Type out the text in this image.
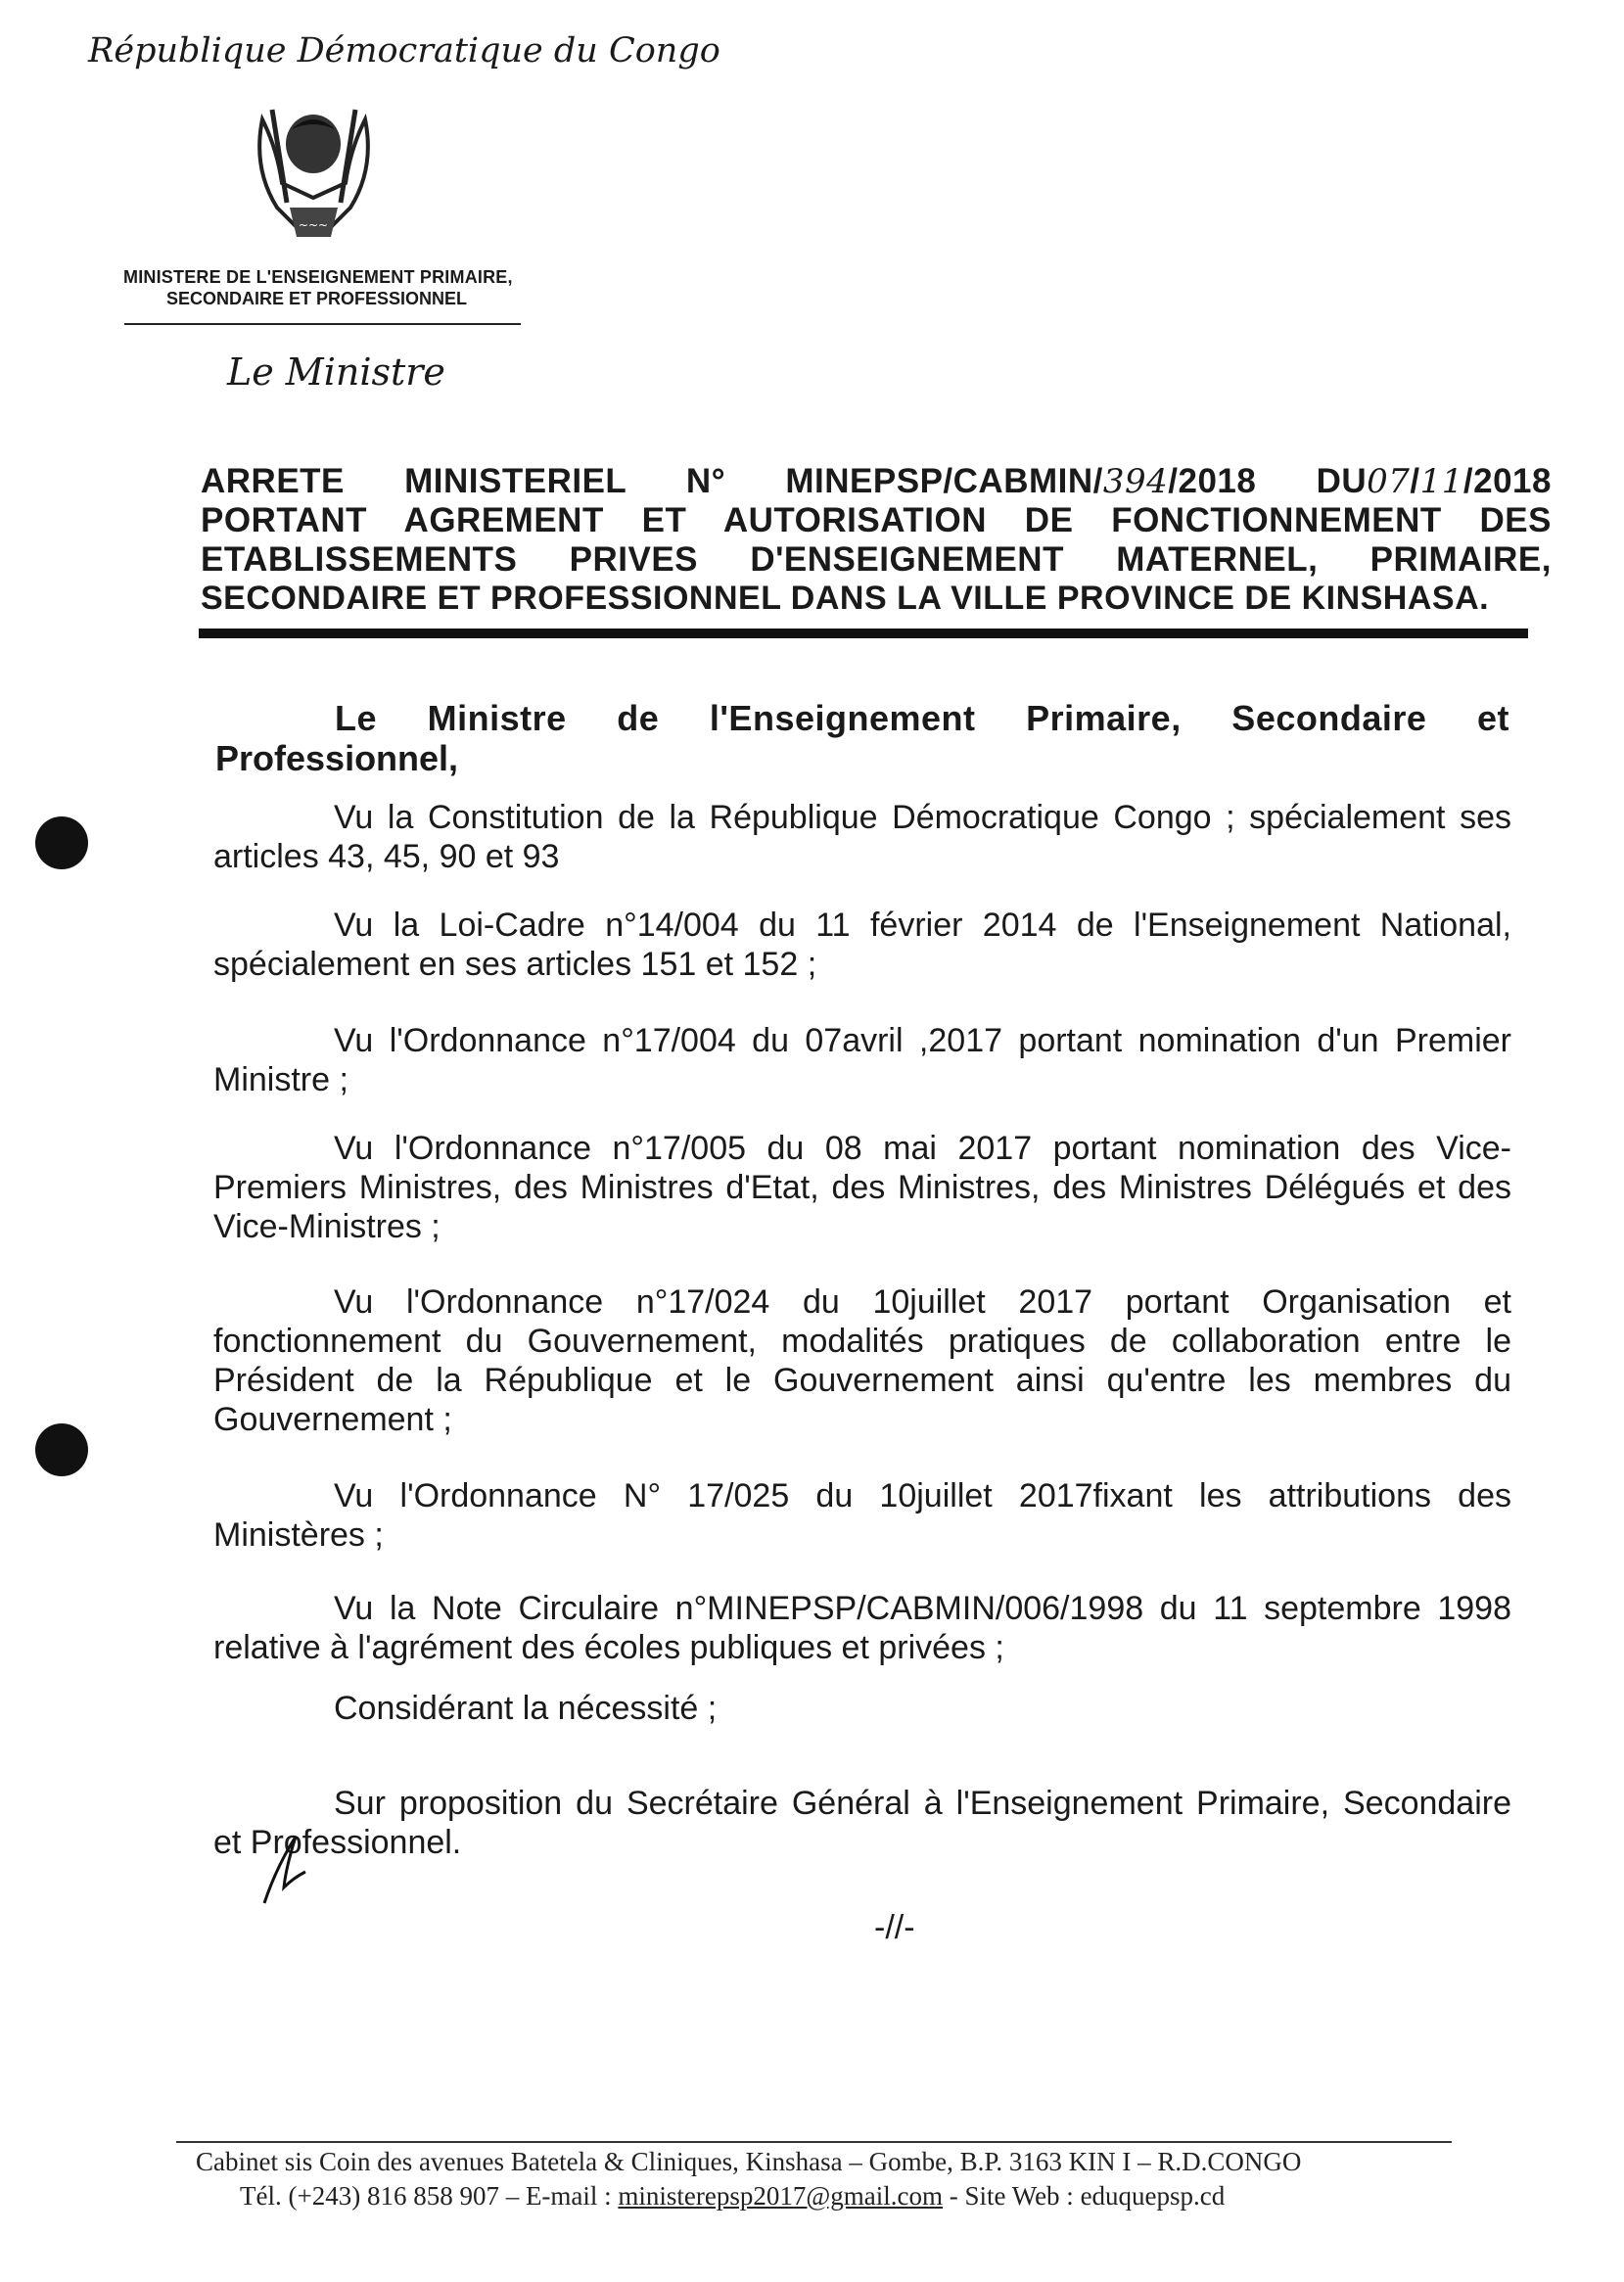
République Démocratique du Congo
~~~
MINISTERE DE L'ENSEIGNEMENT PRIMAIRE,
SECONDAIRE ET PROFESSIONNEL
Le Ministre
ARRETE MINISTERIEL N° MINEPSP/CABMIN/394/2018 DU07/11/2018
PORTANT AGREMENT ET AUTORISATION DE FONCTIONNEMENT DES
ETABLISSEMENTS PRIVES D'ENSEIGNEMENT MATERNEL, PRIMAIRE,
SECONDAIRE ET PROFESSIONNEL DANS LA VILLE PROVINCE DE KINSHASA.
Le Ministre de l'Enseignement Primaire, Secondaire et
Professionnel,
Vu la Constitution de la République Démocratique Congo ; spécialement ses articles 43, 45, 90 et 93
Vu la Loi-Cadre n°14/004 du 11 février 2014 de l'Enseignement National, spécialement en ses articles 151 et 152 ;
Vu l'Ordonnance n°17/004 du 07avril ,2017 portant nomination d'un Premier Ministre ;
Vu l'Ordonnance n°17/005 du 08 mai 2017 portant nomination des Vice-Premiers Ministres, des Ministres d'Etat, des Ministres, des Ministres Délégués et des Vice-Ministres ;
Vu l'Ordonnance n°17/024 du 10juillet 2017 portant Organisation et fonctionnement du Gouvernement, modalités pratiques de collaboration entre le Président de la République et le Gouvernement ainsi qu'entre les membres du Gouvernement ;
Vu l'Ordonnance N° 17/025 du 10juillet 2017fixant les attributions des Ministères ;
Vu la Note Circulaire n°MINEPSP/CABMIN/006/1998 du 11 septembre 1998 relative à l'agrément des écoles publiques et privées ;
Considérant la nécessité ;
Sur proposition du Secrétaire Général à l'Enseignement Primaire, Secondaire et Professionnel.
-//-
Cabinet sis Coin des avenues Batetela & Cliniques, Kinshasa – Gombe, B.P. 3163 KIN I – R.D.CONGO
Tél. (+243) 816 858 907 – E-mail : ministerepsp2017@gmail.com - Site Web : eduquepsp.cd
